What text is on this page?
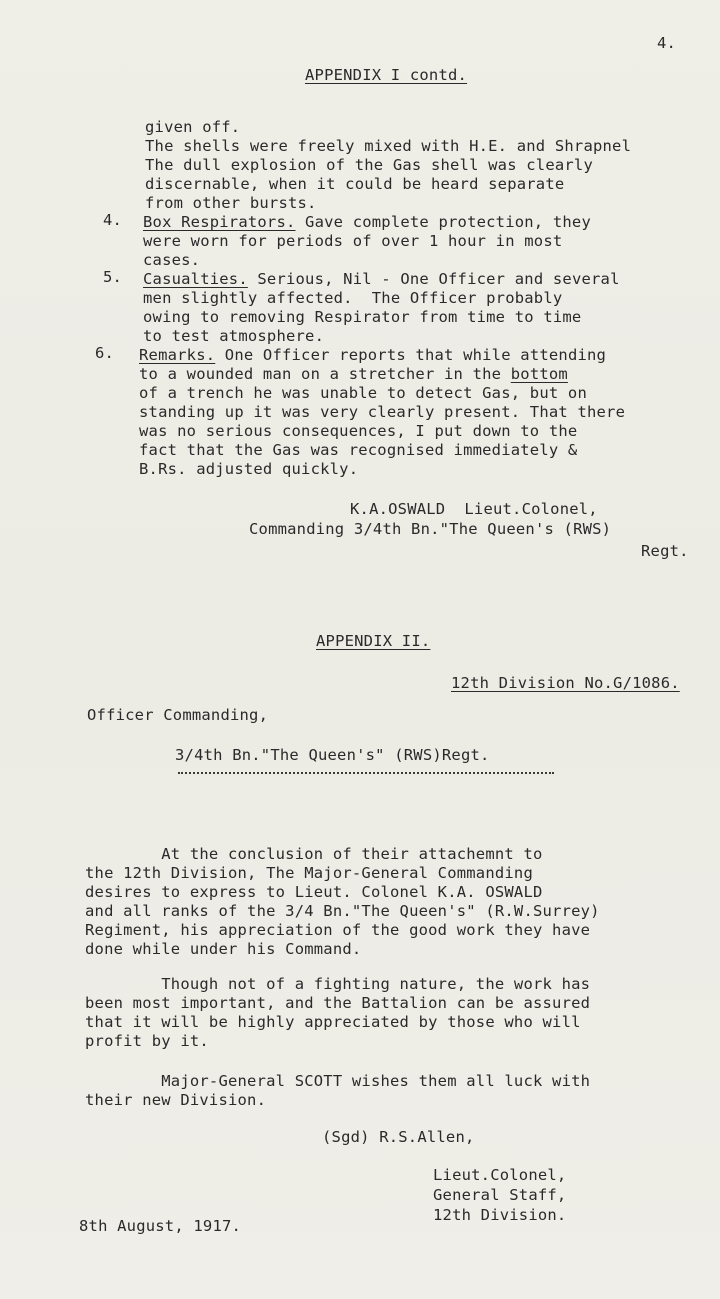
4.
APPENDIX I contd.
given off.
The shells were freely mixed with H.E. and Shrapnel
The dull explosion of the Gas shell was clearly
discernable, when it could be heard separate
from other bursts.
4. Box Respirators. Gave complete protection, they
were worn for periods of over 1 hour in most
cases.
5. Casualties. Serious, Nil - One Officer and several
men slightly affected.  The Officer probably
owing to removing Respirator from time to time
to test atmosphere.
6. Remarks. One Officer reports that while attending
to a wounded man on a stretcher in the bottom
of a trench he was unable to detect Gas, but on
standing up it was very clearly present. That there
was no serious consequences, I put down to the
fact that the Gas was recognised immediately &
B.Rs. adjusted quickly.
K.A.OSWALD  Lieut.Colonel,
Commanding 3/4th Bn."The Queen's (RWS)
Regt.
APPENDIX II.
12th Division No.G/1086.
Officer Commanding,
3/4th Bn."The Queen's" (RWS)Regt.
At the conclusion of their attachemnt to
the 12th Division, The Major-General Commanding
desires to express to Lieut. Colonel K.A. OSWALD
and all ranks of the 3/4 Bn."The Queen's" (R.W.Surrey)
Regiment, his appreciation of the good work they have
done while under his Command.
Though not of a fighting nature, the work has
been most important, and the Battalion can be assured
that it will be highly appreciated by those who will
profit by it.
Major-General SCOTT wishes them all luck with
their new Division.
(Sgd) R.S.Allen,
Lieut.Colonel,
General Staff,
12th Division.
8th August, 1917.
